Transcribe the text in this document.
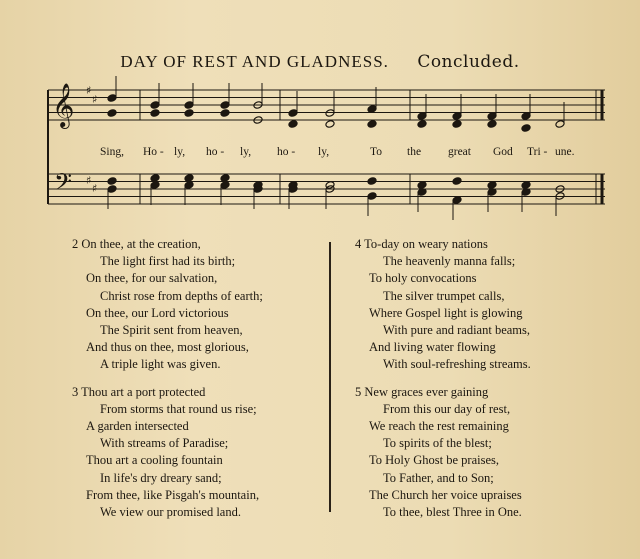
DAY OF REST AND GLADNESS. Concluded.
𝄞
𝄢
♯
♯
♯
♯
Sing, Ho - ly, ho - ly, ho - ly,	To the great God Tri - une.
2 On thee, at the creation,
The light first had its birth;
On thee, for our salvation,
Christ rose from depths of earth;
On thee, our Lord victorious
The Spirit sent from heaven,
And thus on thee, most glorious,
A triple light was given.
3 Thou art a port protected
From storms that round us rise;
A garden intersected
With streams of Paradise;
Thou art a cooling fountain
In life's dry dreary sand;
From thee, like Pisgah's mountain,
We view our promised land.
4 To-day on weary nations
The heavenly manna falls;
To holy convocations
The silver trumpet calls,
Where Gospel light is glowing
With pure and radiant beams,
And living water flowing
With soul-refreshing streams.
5 New graces ever gaining
From this our day of rest,
We reach the rest remaining
To spirits of the blest;
To Holy Ghost be praises,
To Father, and to Son;
The Church her voice upraises
To thee, blest Three in One.
